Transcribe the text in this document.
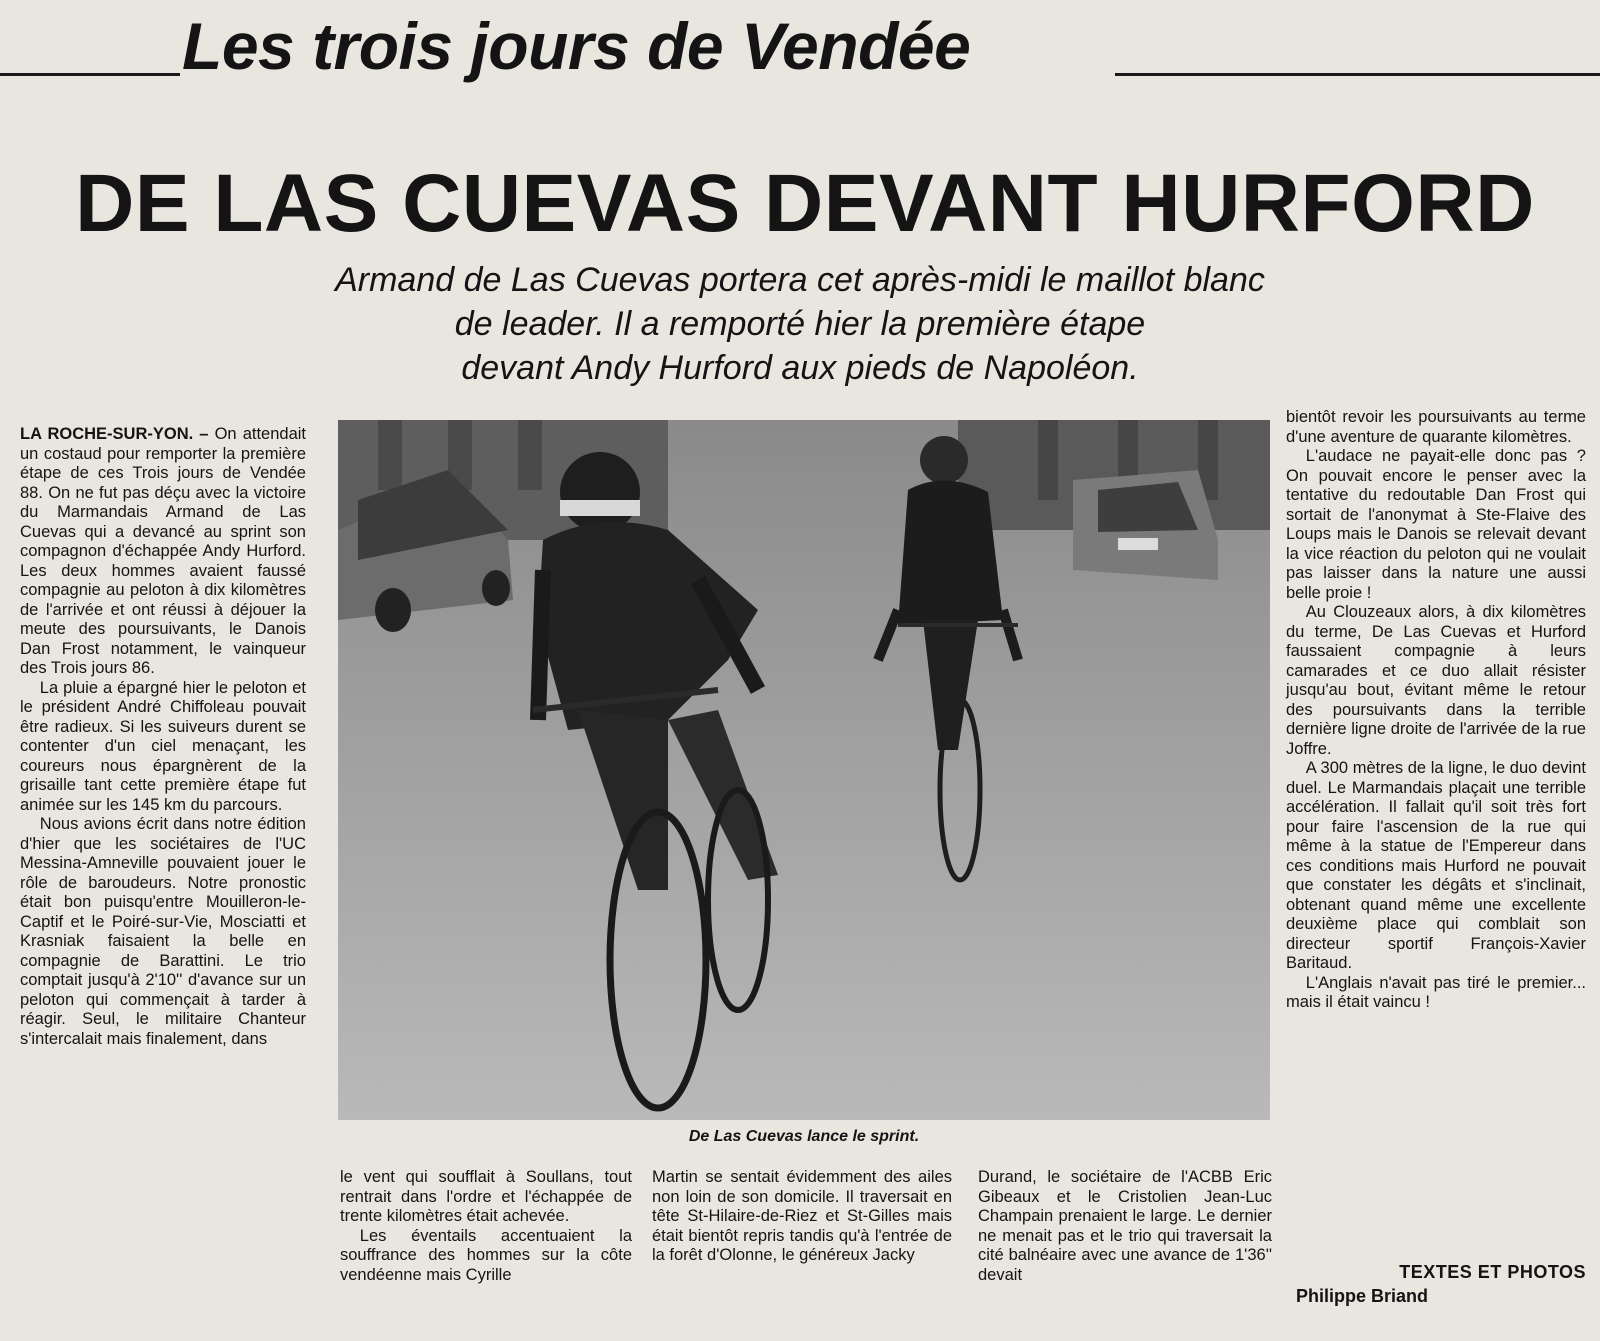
Les trois jours de Vendée
DE LAS CUEVAS DEVANT HURFORD
Armand de Las Cuevas portera cet après-midi le maillot blanc
de leader. Il a remporté hier la première étape
devant Andy Hurford aux pieds de Napoléon.

LA ROCHE-SUR-YON. – On attendait un costaud pour remporter la première étape de ces Trois jours de Vendée 88. On ne fut pas déçu avec la victoire du Marmandais Armand de Las Cuevas qui a devancé au sprint son compagnon d'échappée Andy Hurford. Les deux hommes avaient faussé compagnie au peloton à dix kilomètres de l'arrivée et ont réussi à déjouer la meute des poursuivants, le Danois Dan Frost notamment, le vainqueur des Trois jours 86.

La pluie a épargné hier le peloton et le président André Chiffoleau pouvait être radieux. Si les suiveurs durent se contenter d'un ciel menaçant, les coureurs nous épargnèrent de la grisaille tant cette première étape fut animée sur les 145 km du parcours.

Nous avions écrit dans notre édition d'hier que les sociétaires de l'UC Messina-Amneville pouvaient jouer le rôle de baroudeurs. Notre pronostic était bon puisqu'entre Mouilleron-le-Captif et le Poiré-sur-Vie, Mosciatti et Krasniak faisaient la belle en compagnie de Barattini. Le trio comptait jusqu'à 2'10'' d'avance sur un peloton qui commençait à tarder à réagir. Seul, le militaire Chanteur s'intercalait mais finalement, dans

De Las Cuevas lance le sprint.

le vent qui soufflait à Soullans, tout rentrait dans l'ordre et l'échappée de trente kilomètres était achevée.

Les éventails accentuaient la souffrance des hommes sur la côte vendéenne mais Cyrille

Martin se sentait évidemment des ailes non loin de son domicile. Il traversait en tête St-Hilaire-de-Riez et St-Gilles mais était bientôt repris tandis qu'à l'entrée de la forêt d'Olonne, le généreux Jacky

Durand, le sociétaire de l'ACBB Eric Gibeaux et le Cristolien Jean-Luc Champain prenaient le large. Le dernier ne menait pas et le trio qui traversait la cité balnéaire avec une avance de 1'36'' devait

bientôt revoir les poursuivants au terme d'une aventure de quarante kilomètres.

L'audace ne payait-elle donc pas ? On pouvait encore le penser avec la tentative du redoutable Dan Frost qui sortait de l'anonymat à Ste-Flaive des Loups mais le Danois se relevait devant la vice réaction du peloton qui ne voulait pas laisser dans la nature une aussi belle proie !

Au Clouzeaux alors, à dix kilomètres du terme, De Las Cuevas et Hurford faussaient compagnie à leurs camarades et ce duo allait résister jusqu'au bout, évitant même le retour des poursuivants dans la terrible dernière ligne droite de l'arrivée de la rue Joffre.

A 300 mètres de la ligne, le duo devint duel. Le Marmandais plaçait une terrible accélération. Il fallait qu'il soit très fort pour faire l'ascension de la rue qui même à la statue de l'Empereur dans ces conditions mais Hurford ne pouvait que constater les dégâts et s'inclinait, obtenant quand même une excellente deuxième place qui comblait son directeur sportif François-Xavier Baritaud.

L'Anglais n'avait pas tiré le premier... mais il était vaincu !

TEXTES ET PHOTOS
Philippe Briand
